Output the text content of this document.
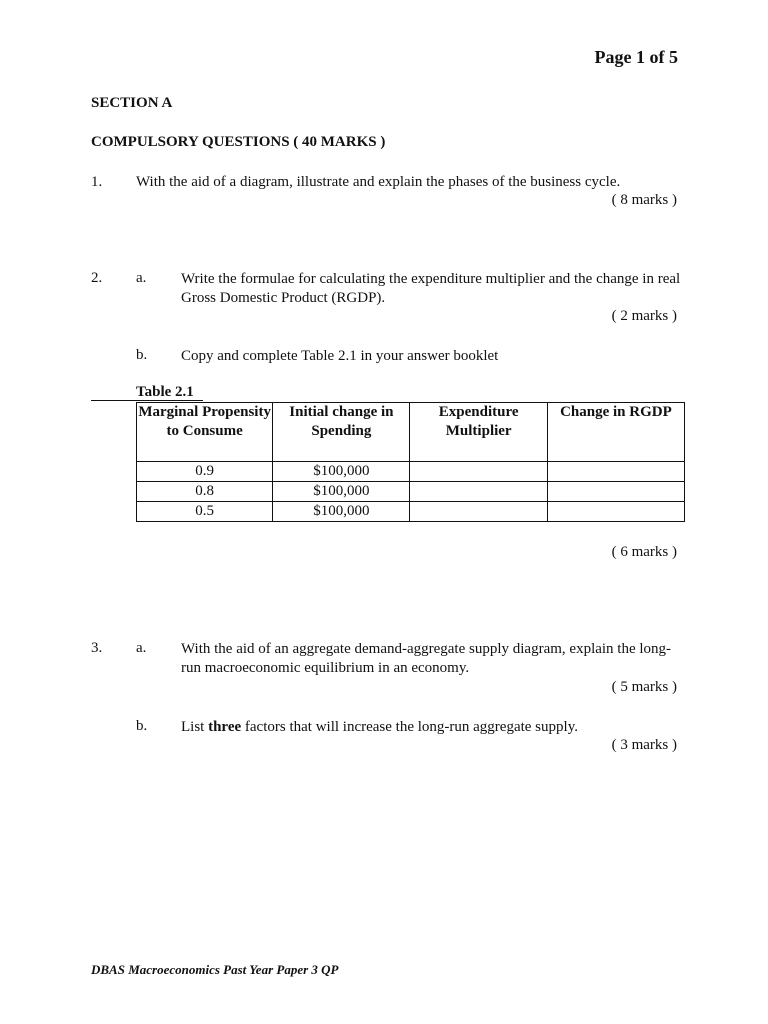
Page 1 of 5
SECTION A
COMPULSORY QUESTIONS ( 40 MARKS )
1. With the aid of a diagram, illustrate and explain the phases of the business cycle.
( 8 marks )
2. a. Write the formulae for calculating the expenditure multiplier and the change in real Gross Domestic Product (RGDP).
( 2 marks )
b. Copy and complete Table 2.1 in your answer booklet
Table 2.1
Marginal Propensity to Consume	Initial change in Spending	Expenditure Multiplier	Change in RGDP
0.9	$100,000		
0.8	$100,000		
0.5	$100,000		
( 6 marks )
3. a. With the aid of an aggregate demand-aggregate supply diagram, explain the long-run macroeconomic equilibrium in an economy.
( 5 marks )
b. List three factors that will increase the long-run aggregate supply.
( 3 marks )
DBAS Macroeconomics Past Year Paper 3 QP
